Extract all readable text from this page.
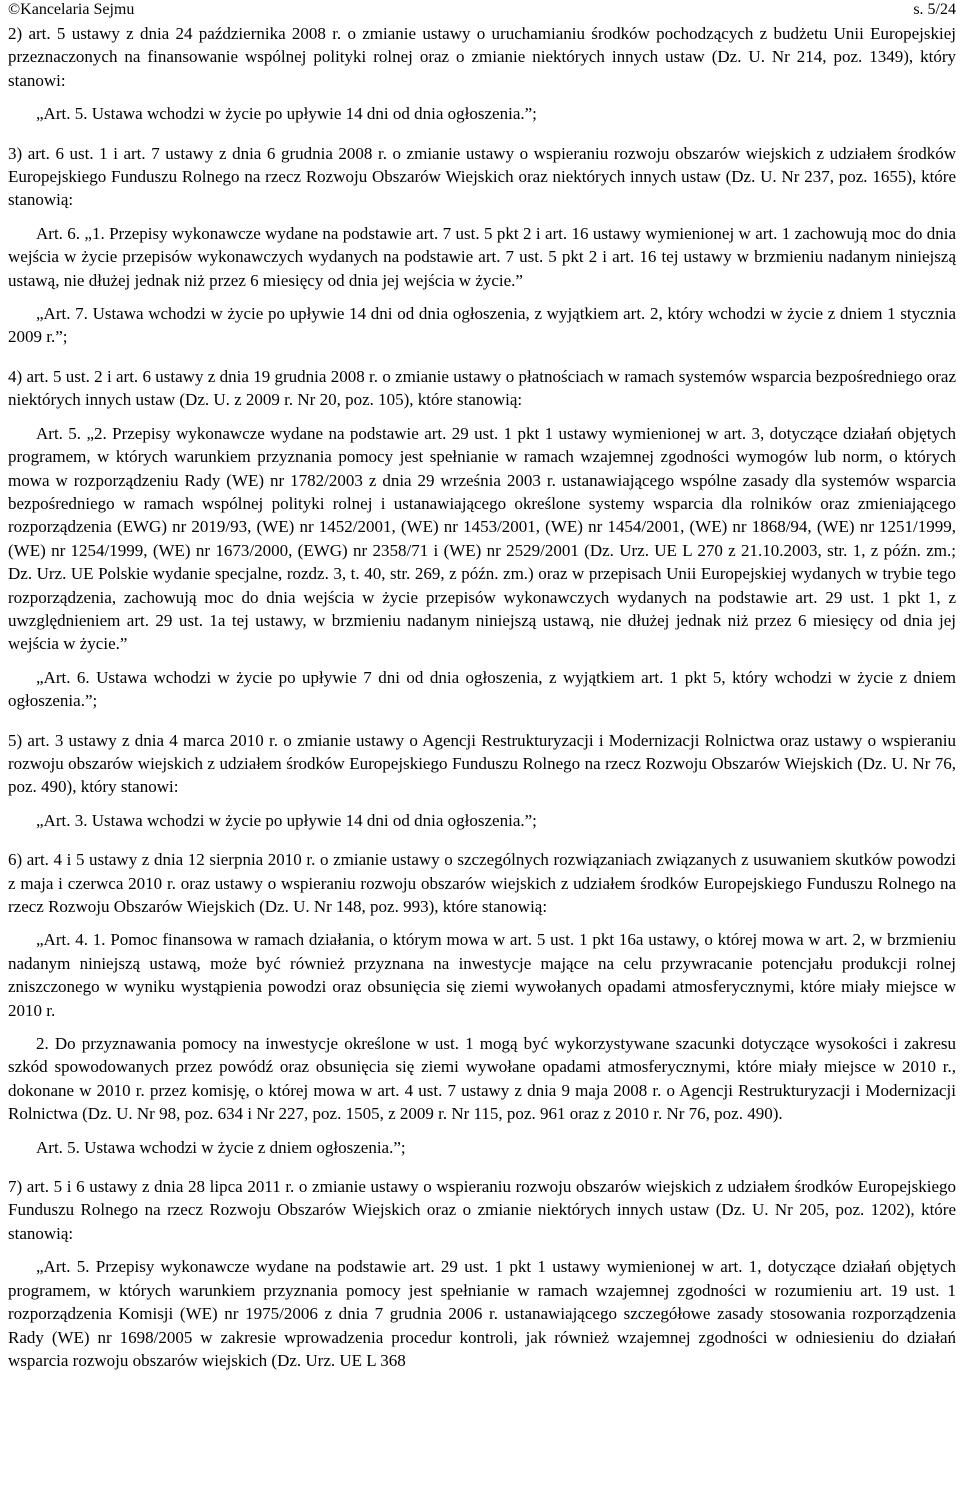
©Kancelaria Sejmu	s. 5/24

2) art. 5 ustawy z dnia 24 października 2008 r. o zmianie ustawy o uruchamianiu środków pochodzących z budżetu Unii Europejskiej przeznaczonych na finansowanie wspólnej polityki rolnej oraz o zmianie niektórych innych ustaw (Dz. U. Nr 214, poz. 1349), który stanowi:

„Art. 5. Ustawa wchodzi w życie po upływie 14 dni od dnia ogłoszenia.”;

3) art. 6 ust. 1 i art. 7 ustawy z dnia 6 grudnia 2008 r. o zmianie ustawy o wspieraniu rozwoju obszarów wiejskich z udziałem środków Europejskiego Funduszu Rolnego na rzecz Rozwoju Obszarów Wiejskich oraz niektórych innych ustaw (Dz. U. Nr 237, poz. 1655), które stanowią:

Art. 6. „1. Przepisy wykonawcze wydane na podstawie art. 7 ust. 5 pkt 2 i art. 16 ustawy wymienionej w art. 1 zachowują moc do dnia wejścia w życie przepisów wykonawczych wydanych na podstawie art. 7 ust. 5 pkt 2 i art. 16 tej ustawy w brzmieniu nadanym niniejszą ustawą, nie dłużej jednak niż przez 6 miesięcy od dnia jej wejścia w życie.”

„Art. 7. Ustawa wchodzi w życie po upływie 14 dni od dnia ogłoszenia, z wyjątkiem art. 2, który wchodzi w życie z dniem 1 stycznia 2009 r.”;

4) art. 5 ust. 2 i art. 6 ustawy z dnia 19 grudnia 2008 r. o zmianie ustawy o płatnościach w ramach systemów wsparcia bezpośredniego oraz niektórych innych ustaw (Dz. U. z 2009 r. Nr 20, poz. 105), które stanowią:

Art. 5. „2. Przepisy wykonawcze wydane na podstawie art. 29 ust. 1 pkt 1 ustawy wymienionej w art. 3, dotyczące działań objętych programem, w których warunkiem przyznania pomocy jest spełnianie w ramach wzajemnej zgodności wymogów lub norm, o których mowa w rozporządzeniu Rady (WE) nr 1782/2003 z dnia 29 września 2003 r. ustanawiającego wspólne zasady dla systemów wsparcia bezpośredniego w ramach wspólnej polityki rolnej i ustanawiającego określone systemy wsparcia dla rolników oraz zmieniającego rozporządzenia (EWG) nr 2019/93, (WE) nr 1452/2001, (WE) nr 1453/2001, (WE) nr 1454/2001, (WE) nr 1868/94, (WE) nr 1251/1999, (WE) nr 1254/1999, (WE) nr 1673/2000, (EWG) nr 2358/71 i (WE) nr 2529/2001 (Dz. Urz. UE L 270 z 21.10.2003, str. 1, z późn. zm.; Dz. Urz. UE Polskie wydanie specjalne, rozdz. 3, t. 40, str. 269, z późn. zm.) oraz w przepisach Unii Europejskiej wydanych w trybie tego rozporządzenia, zachowują moc do dnia wejścia w życie przepisów wykonawczych wydanych na podstawie art. 29 ust. 1 pkt 1, z uwzględnieniem art. 29 ust. 1a tej ustawy, w brzmieniu nadanym niniejszą ustawą, nie dłużej jednak niż przez 6 miesięcy od dnia jej wejścia w życie.”

„Art. 6. Ustawa wchodzi w życie po upływie 7 dni od dnia ogłoszenia, z wyjątkiem art. 1 pkt 5, który wchodzi w życie z dniem ogłoszenia.”;

5) art. 3 ustawy z dnia 4 marca 2010 r. o zmianie ustawy o Agencji Restrukturyzacji i Modernizacji Rolnictwa oraz ustawy o wspieraniu rozwoju obszarów wiejskich z udziałem środków Europejskiego Funduszu Rolnego na rzecz Rozwoju Obszarów Wiejskich (Dz. U. Nr 76, poz. 490), który stanowi:

„Art. 3. Ustawa wchodzi w życie po upływie 14 dni od dnia ogłoszenia.”;

6) art. 4 i 5 ustawy z dnia 12 sierpnia 2010 r. o zmianie ustawy o szczególnych rozwiązaniach związanych z usuwaniem skutków powodzi z maja i czerwca 2010 r. oraz ustawy o wspieraniu rozwoju obszarów wiejskich z udziałem środków Europejskiego Funduszu Rolnego na rzecz Rozwoju Obszarów Wiejskich (Dz. U. Nr 148, poz. 993), które stanowią:

„Art. 4. 1. Pomoc finansowa w ramach działania, o którym mowa w art. 5 ust. 1 pkt 16a ustawy, o której mowa w art. 2, w brzmieniu nadanym niniejszą ustawą, może być również przyznana na inwestycje mające na celu przywracanie potencjału produkcji rolnej zniszczonego w wyniku wystąpienia powodzi oraz obsunięcia się ziemi wywołanych opadami atmosferycznymi, które miały miejsce w 2010 r.

2. Do przyznawania pomocy na inwestycje określone w ust. 1 mogą być wykorzystywane szacunki dotyczące wysokości i zakresu szkód spowodowanych przez powódź oraz obsunięcia się ziemi wywołane opadami atmosferycznymi, które miały miejsce w 2010 r., dokonane w 2010 r. przez komisję, o której mowa w art. 4 ust. 7 ustawy z dnia 9 maja 2008 r. o Agencji Restrukturyzacji i Modernizacji Rolnictwa (Dz. U. Nr 98, poz. 634 i Nr 227, poz. 1505, z 2009 r. Nr 115, poz. 961 oraz z 2010 r. Nr 76, poz. 490).

Art. 5. Ustawa wchodzi w życie z dniem ogłoszenia.”;

7) art. 5 i 6 ustawy z dnia 28 lipca 2011 r. o zmianie ustawy o wspieraniu rozwoju obszarów wiejskich z udziałem środków Europejskiego Funduszu Rolnego na rzecz Rozwoju Obszarów Wiejskich oraz o zmianie niektórych innych ustaw (Dz. U. Nr 205, poz. 1202), które stanowią:

„Art. 5. Przepisy wykonawcze wydane na podstawie art. 29 ust. 1 pkt 1 ustawy wymienionej w art. 1, dotyczące działań objętych programem, w których warunkiem przyznania pomocy jest spełnianie w ramach wzajemnej zgodności w rozumieniu art. 19 ust. 1 rozporządzenia Komisji (WE) nr 1975/2006 z dnia 7 grudnia 2006 r. ustanawiającego szczegółowe zasady stosowania rozporządzenia Rady (WE) nr 1698/2005 w zakresie wprowadzenia procedur kontroli, jak również wzajemnej zgodności w odniesieniu do działań wsparcia rozwoju obszarów wiejskich (Dz. Urz. UE L 368
